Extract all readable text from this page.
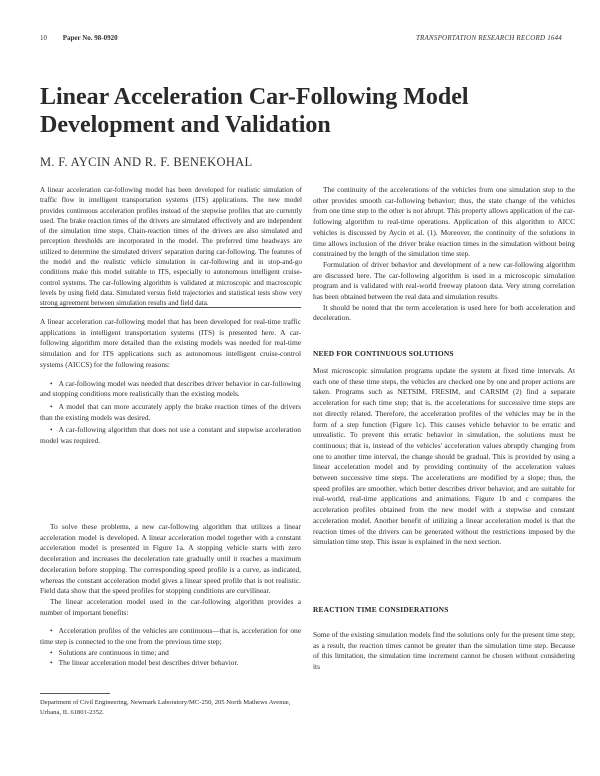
10 Paper No. 98-0920	TRANSPORTATION RESEARCH RECORD 1644
Linear Acceleration Car-Following Model Development and Validation
M. F. AYCIN AND R. F. BENEKOHAL

A linear acceleration car-following model has been developed for realistic simulation of traffic flow in intelligent transportation systems (ITS) applications. The new model provides continuous acceleration profiles instead of the stepwise profiles that are currently used. The brake reaction times of the drivers are simulated effectively and are independent of the simulation time steps. Chain-reaction times of the drivers are also simulated and perception thresholds are incorporated in the model. The preferred time headways are utilized to determine the simulated drivers' separation during car-following. The features of the model and the realistic vehicle simulation in car-following and in stop-and-go conditions make this model suitable to ITS, especially to autonomous intelligent cruise-control systems. The car-following algorithm is validated at microscopic and macroscopic levels by using field data. Simulated versus field trajectories and statistical tests show very strong agreement between simulation results and field data.

A linear acceleration car-following model that has been developed for real-time traffic applications in intelligent transportation systems (ITS) is presented here. A car-following algorithm more detailed than the existing models was needed for real-time simulation and for ITS applications such as autonomous intelligent cruise-control systems (AICCS) for the following reasons:

• A car-following model was needed that describes driver behavior in car-following and stopping conditions more realistically than the existing models.
• A model that can more accurately apply the brake reaction times of the drivers than the existing models was desired.
• A car-following algorithm that does not use a constant and stepwise acceleration model was required.

To solve these problems, a new car-following algorithm that utilizes a linear acceleration model is developed. A linear acceleration model together with a constant acceleration model is presented in Figure 1a. A stopping vehicle starts with zero deceleration and increases the deceleration rate gradually until it reaches a maximum deceleration before stopping. The corresponding speed profile is a curve, as indicated, whereas the constant acceleration model gives a linear speed profile that is not realistic. Field data show that the speed profiles for stopping conditions are curvilinear.

The linear acceleration model used in the car-following algorithm provides a number of important benefits:

• Acceleration profiles of the vehicles are continuous—that is, acceleration for one time step is connected to the one from the previous time step;
• Solutions are continuous in time; and
• The linear acceleration model best describes driver behavior.
Department of Civil Engineering, Newmark Laboratory/MC-250, 205 North Mathews Avenue, Urbana, IL 61801-2352.

The continuity of the accelerations of the vehicles from one simulation step to the other provides smooth car-following behavior; thus, the state change of the vehicles from one time step to the other is not abrupt. This property allows application of the car-following algorithm to real-time operations. Application of this algorithm to AICC vehicles is discussed by Aycin et al. (1). Moreover, the continuity of the solutions in time allows inclusion of the driver brake reaction times in the simulation without being constrained by the length of the simulation time step.

Formulation of driver behavior and development of a new car-following algorithm are discussed here. The car-following algorithm is used in a microscopic simulation program and is validated with real-world freeway platoon data. Very strong correlation has been obtained between the real data and simulation results.

It should be noted that the term acceleration is used here for both acceleration and deceleration.

NEED FOR CONTINUOUS SOLUTIONS

Most microscopic simulation programs update the system at fixed time intervals. At each one of these time steps, the vehicles are checked one by one and proper actions are taken. Programs such as NETSIM, FRESIM, and CARSIM (2) find a separate acceleration for each time step; that is, the accelerations for successive time steps are not directly related. Therefore, the acceleration profiles of the vehicles may be in the form of a step function (Figure 1c). This causes vehicle behavior to be erratic and unrealistic. To prevent this erratic behavior in simulation, the solutions must be continuous; that is, instead of the vehicles' acceleration values abruptly changing from one to another time interval, the change should be gradual. This is provided by using a linear acceleration model and by providing continuity of the acceleration values between successive time steps. The accelerations are modified by a slope; thus, the speed profiles are smoother, which better describes driver behavior, and are suitable for real-world, real-time applications and animations. Figure 1b and c compares the acceleration profiles obtained from the new model with a stepwise and constant acceleration model. Another benefit of utilizing a linear acceleration model is that the reaction times of the drivers can be generated without the restrictions imposed by the simulation time step. This issue is explained in the next section.

REACTION TIME CONSIDERATIONS

Some of the existing simulation models find the solutions only for the present time step; as a result, the reaction times cannot be greater than the simulation time step. Because of this limitation, the simulation time increment cannot be chosen without considering its
